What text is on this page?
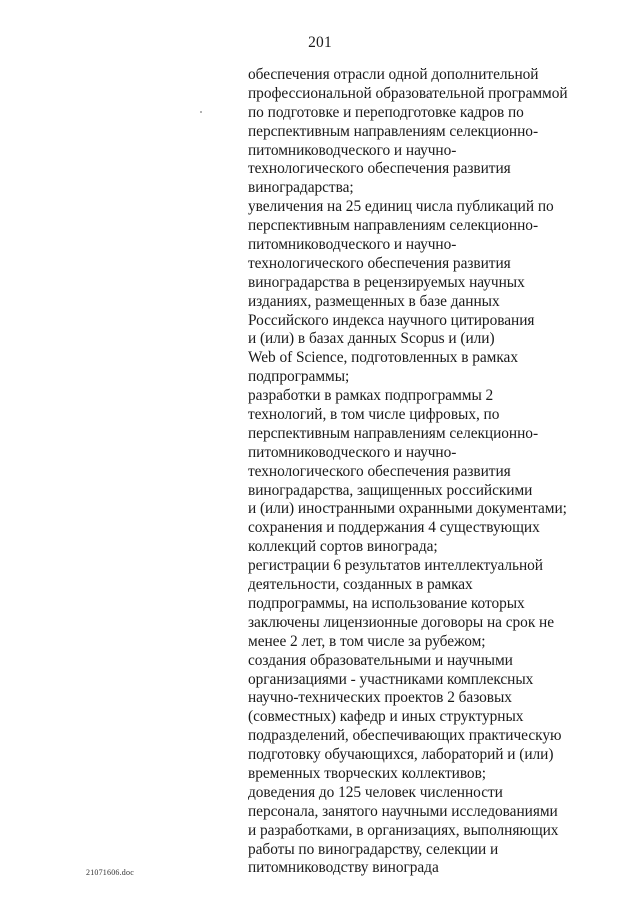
201
обеспечения отрасли одной дополнительной
профессиональной образовательной программой
по подготовке и переподготовке кадров по
перспективным направлениям селекционно-
питомниководческого и научно-
технологического обеспечения развития
виноградарства;
увеличения на 25 единиц числа публикаций по
перспективным направлениям селекционно-
питомниководческого и научно-
технологического обеспечения развития
виноградарства в рецензируемых научных
изданиях, размещенных в базе данных
Российского индекса научного цитирования
и (или) в базах данных Scopus и (или)
Web of Science, подготовленных в рамках
подпрограммы;
разработки в рамках подпрограммы 2
технологий, в том числе цифровых, по
перспективным направлениям селекционно-
питомниководческого и научно-
технологического обеспечения развития
виноградарства, защищенных российскими
и (или) иностранными охранными документами;
сохранения и поддержания 4 существующих
коллекций сортов винограда;
регистрации 6 результатов интеллектуальной
деятельности, созданных в рамках
подпрограммы, на использование которых
заключены лицензионные договоры на срок не
менее 2 лет, в том числе за рубежом;
создания образовательными и научными
организациями - участниками комплексных
научно-технических проектов 2 базовых
(совместных) кафедр и иных структурных
подразделений, обеспечивающих практическую
подготовку обучающихся, лабораторий и (или)
временных творческих коллективов;
доведения до 125 человек численности
персонала, занятого научными исследованиями
и разработками, в организациях, выполняющих
работы по виноградарству, селекции и
питомниководству винограда
21071606.doc
